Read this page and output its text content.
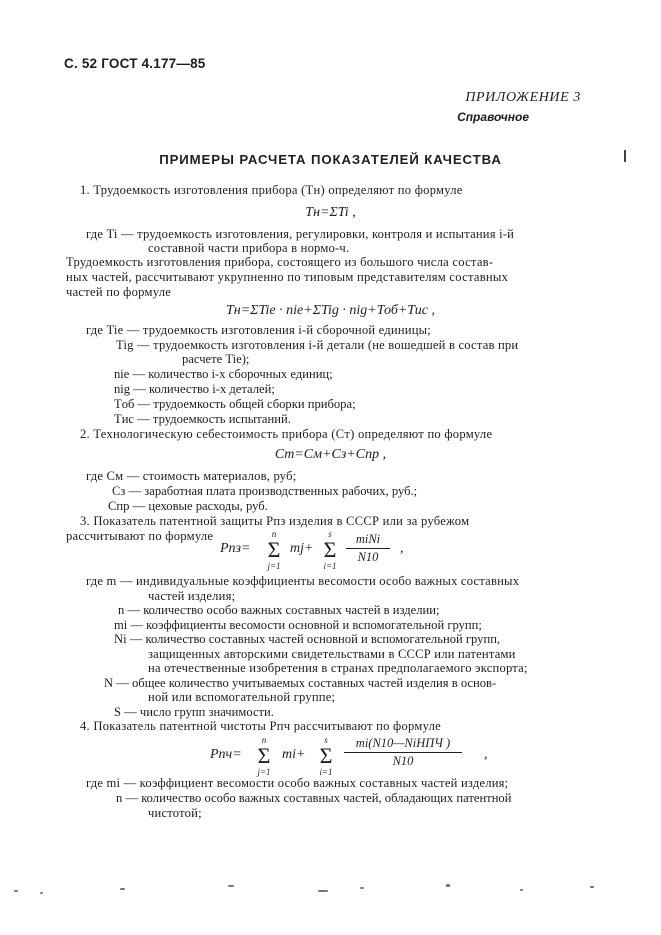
С. 52 ГОСТ 4.177—85
ПРИЛОЖЕНИЕ 3
Справочное
ПРИМЕРЫ РАСЧЕТА ПОКАЗАТЕЛЕЙ КАЧЕСТВА
1. Трудоемкость изготовления прибора (Тн) определяют по формуле
Тн=ΣTi ,
где Ti — трудоемкость изготовления, регулировки, контроля и испытания i-й
составной части прибора в нормо-ч.
Трудоемкость изготовления прибора, состоящего из большого числа состав-
ных частей, рассчитывают укрупненно по типовым представителям составных
частей по формуле
Тн=ΣTie · nie+ΣTig · nig+Тоб+Тис ,
где Tie — трудоемкость изготовления i-й сборочной единицы;
Tig — трудоемкость изготовления i-й детали (не вошедшей в состав при
расчете Tie);
nie — количество i-х сборочных единиц;
nig — количество i-х деталей;
Tоб — трудоемкость общей сборки прибора;
Tис — трудоемкость испытаний.
2. Технологическую себестоимость прибора (Cт) определяют по формуле
Cт=Cм+Cз+Cпр ,
где Cм — стоимость материалов, руб;
Cз — заработная плата производственных рабочих, руб.;
Cпр — цеховые расходы, руб.
3. Показатель патентной защиты Pпз изделия в СССР или за рубежом
рассчитывают по формуле
Pпз=
n
Σ
j=1
mj+
s
Σ
i=1
miNi
N10
,
где m — индивидуальные коэффициенты весомости особо важных составных
частей изделия;
n — количество особо важных составных частей в изделии;
mi — коэффициенты весомости основной и вспомогательной групп;
Ni — количество составных частей основной и вспомогательной групп,
защищенных авторскими свидетельствами в СССР или патентами
на отечественные изобретения в странах предполагаемого экспорта;
N — общее количество учитываемых составных частей изделия в основ-
ной или вспомогательной группе;
S — число групп значимости.
4. Показатель патентной чистоты Pпч рассчитывают по формуле
Pпч=
n
Σ
j=1
mi+
s
Σ
i=1
mi(N10—NiНПЧ )
N10	,
где mi — коэффициент весомости особо важных составных частей изделия;
n — количество особо важных составных частей, обладающих патентной
чистотой;
